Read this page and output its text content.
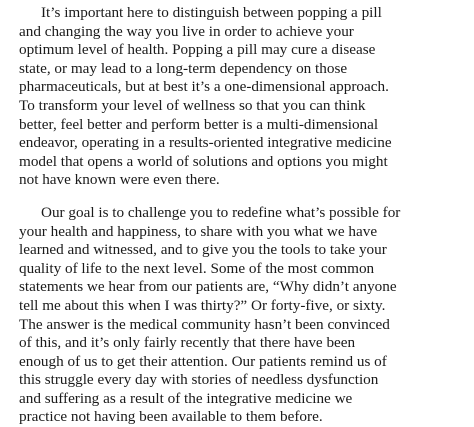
It’s important here to distinguish between popping a pill
and changing the way you live in order to achieve your
optimum level of health. Popping a pill may cure a disease
state, or may lead to a long-term dependency on those
pharmaceuticals, but at best it’s a one-dimensional approach.
To transform your level of wellness so that you can think
better, feel better and perform better is a multi-dimensional
endeavor, operating in a results-oriented integrative medicine
model that opens a world of solutions and options you might
not have known were even there.

Our goal is to challenge you to redefine what’s possible for
your health and happiness, to share with you what we have
learned and witnessed, and to give you the tools to take your
quality of life to the next level. Some of the most common
statements we hear from our patients are, “Why didn’t anyone
tell me about this when I was thirty?” Or forty-five, or sixty.
The answer is the medical community hasn’t been convinced
of this, and it’s only fairly recently that there have been
enough of us to get their attention. Our patients remind us of
this struggle every day with stories of needless dysfunction
and suffering as a result of the integrative medicine we
practice not having been available to them before.
